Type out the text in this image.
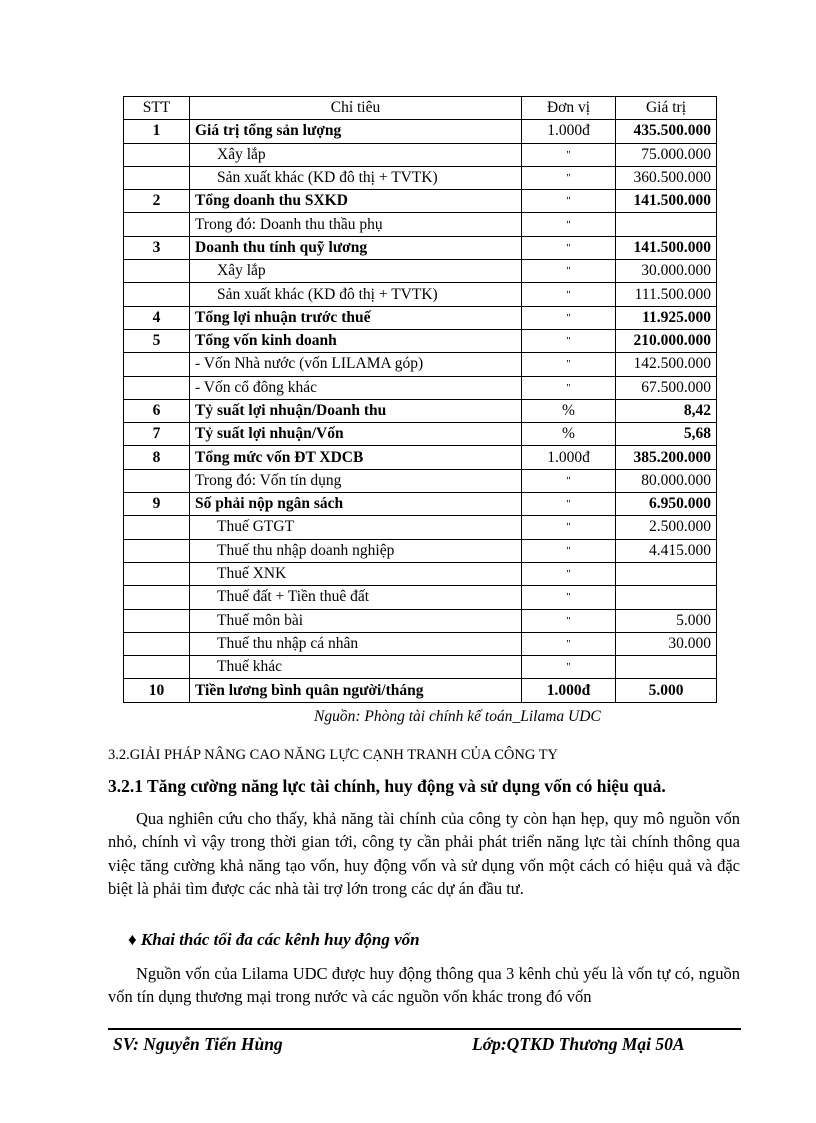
STT	Chỉ tiêu	Đơn vị	Giá trị
1	Giá trị tổng sản lượng	1.000đ	435.500.000
	Xây lắp	"	75.000.000
	Sản xuất khác (KD đô thị + TVTK)	"	360.500.000
2	Tổng doanh thu SXKD	"	141.500.000
	Trong đó: Doanh thu thầu phụ	"	
3	Doanh thu tính quỹ lương	"	141.500.000
	Xây lắp	"	30.000.000
	Sản xuất khác (KD đô thị + TVTK)	"	111.500.000
4	Tổng lợi nhuận trước thuế	"	11.925.000
5	Tổng vốn kinh doanh	"	210.000.000
	- Vốn Nhà nước (vốn LILAMA góp)	"	142.500.000
	- Vốn cổ đông khác	"	67.500.000
6	Tỷ suất lợi nhuận/Doanh thu	%	8,42
7	Tỷ suất lợi nhuận/Vốn	%	5,68
8	Tổng mức vốn ĐT XDCB	1.000đ	385.200.000
	Trong đó: Vốn tín dụng	"	80.000.000
9	Số phải nộp ngân sách	"	6.950.000
	Thuế GTGT	"	2.500.000
	Thuế thu nhập doanh nghiệp	"	4.415.000
	Thuế XNK	"	
	Thuế đất + Tiền thuê đất	"	
	Thuế môn bài	"	5.000
	Thuế thu nhập cá nhân	"	30.000
	Thuế khác	"	
10	Tiền lương bình quân người/tháng	1.000đ	5.000
Nguồn: Phòng tài chính kế toán_Lilama UDC
3.2.GIẢI PHÁP NÂNG CAO NĂNG LỰC CẠNH TRANH CỦA CÔNG TY
3.2.1 Tăng cường năng lực tài chính, huy động và sử dụng vốn có hiệu quả.

Qua nghiên cứu cho thấy, khả năng tài chính của công ty còn hạn hẹp, quy mô nguồn vốn nhỏ, chính vì vậy trong thời gian tới, công ty cần phải phát triển năng lực tài chính thông qua việc tăng cường khả năng tạo vốn, huy động vốn và sử dụng vốn một cách có hiệu quả và đặc biệt là phải tìm được các nhà tài trợ lớn trong các dự án đầu tư.

♦ Khai thác tối đa các kênh huy động vốn

Nguồn vốn của Lilama UDC được huy động thông qua 3 kênh chủ yếu là vốn tự có, nguồn vốn tín dụng thương mại trong nước và các nguồn vốn khác trong đó vốn

SV: Nguyễn Tiến Hùng	Lớp:QTKD Thương Mại 50A
